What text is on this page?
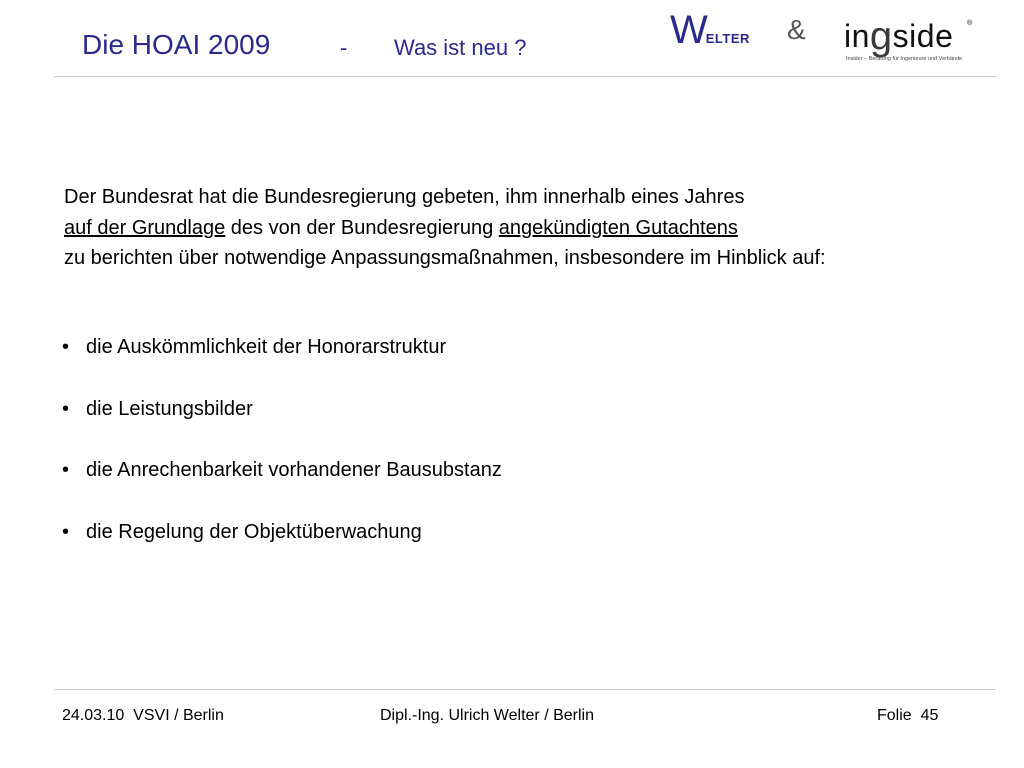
Die HOAI 2009	- Was ist neu ?	WELTER & ingside	®
Insider – Beratung für Ingenieure und Verbände

Der Bundesrat hat die Bundesregierung gebeten, ihm innerhalb eines Jahres
auf der Grundlage des von der Bundesregierung angekündigten Gutachtens
zu berichten über notwendige Anpassungsmaßnahmen, insbesondere im Hinblick auf:

• die Auskömmlichkeit der Honorarstruktur
• die Leistungsbilder
• die Anrechenbarkeit vorhandener Bausubstanz
• die Regelung der Objektüberwachung
24.03.10  VSVI / Berlin	Dipl.-Ing. Ulrich Welter / Berlin	Folie  45
